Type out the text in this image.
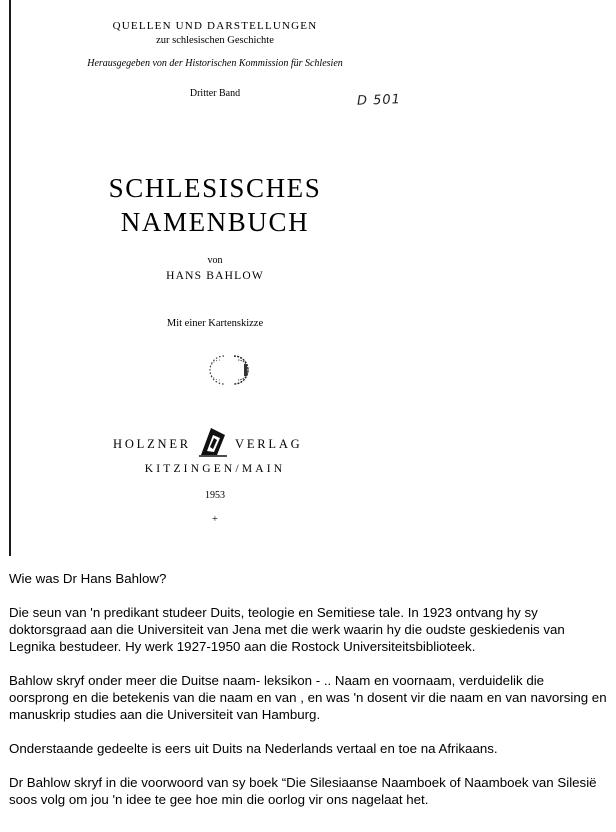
QUELLEN UND DARSTELLUNGEN
zur schlesischen Geschichte
Herausgegeben von der Historischen Kommission für Schlesien
Dritter Band	D 501
SCHLESISCHES
NAMENBUCH
von
HANS BAHLOW
Mit einer Kartenskizze
HOLZNER	VERLAG
KITZINGEN/MAIN
1953
+

Wie was Dr Hans Bahlow?

Die seun van 'n predikant studeer Duits, teologie en Semitiese tale. In 1923 ontvang hy sy
doktorsgraad aan die Universiteit van Jena met die werk waarin hy die oudste geskiedenis van
Legnika bestudeer. Hy werk 1927-1950 aan die Rostock Universiteitsbiblioteek.

Bahlow skryf onder meer die Duitse naam- leksikon - .. Naam en voornaam, verduidelik die
oorsprong en die betekenis van die naam en van , en was 'n dosent vir die naam en van navorsing en
manuskrip studies aan die Universiteit van Hamburg.

Onderstaande gedeelte is eers uit Duits na Nederlands vertaal en toe na Afrikaans.

Dr Bahlow skryf in die voorwoord van sy boek “Die Silesiaanse Naamboek of Naamboek van Silesië
soos volg om jou 'n idee te gee hoe min die oorlog vir ons nagelaat het.
